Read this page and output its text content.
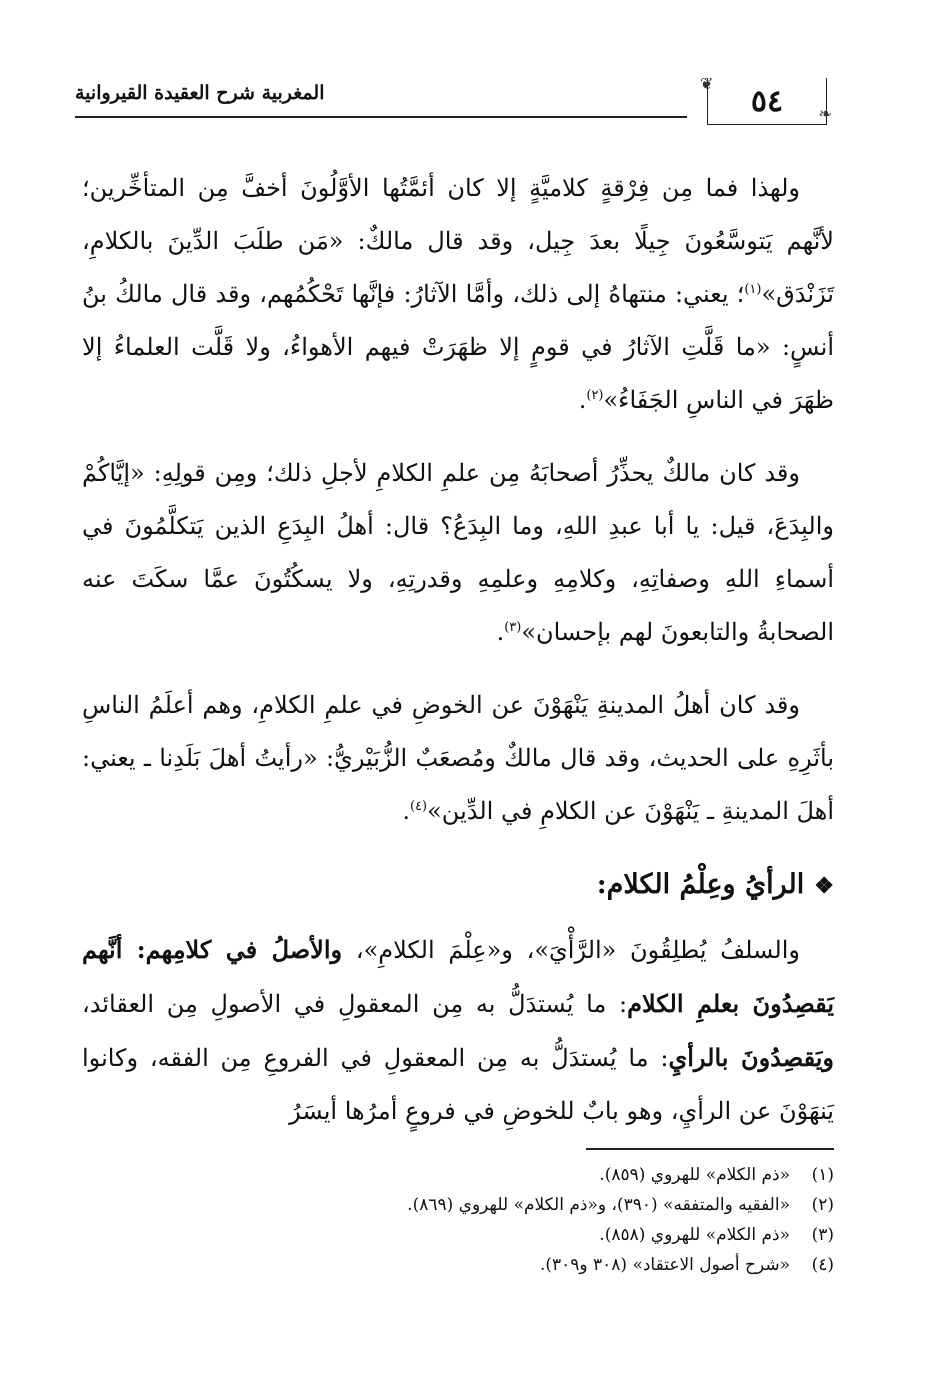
المغربية شرح العقيدة القيروانية	❦
❧
٥٤

ولهذا فما مِن فِرْقةٍ كلاميَّةٍ إلا كان أئمَّتُها الأوَّلُونَ أخفَّ مِن المتأخِّرين؛ لأنَّهم يَتوسَّعُونَ جِيلًا بعدَ جِيل، وقد قال مالكٌ: «مَن طلَبَ الدِّينَ بالكلامِ، تَزَنْدَق»$^{(١)}$؛ يعني: منتهاهُ إلى ذلك، وأمَّا الآثارُ: فإنَّها تَحْكُمُهم، وقد قال مالكُ بنُ أنسٍ: «ما قَلَّتِ الآثارُ في قومٍ إلا ظهَرَتْ فيهم الأهواءُ، ولا قَلَّت العلماءُ إلا ظهَرَ في الناسِ الجَفَاءُ»$^{(٢)}$.

وقد كان مالكٌ يحذِّرُ أصحابَهُ مِن علمِ الكلامِ لأجلِ ذلك؛ ومِن قولِهِ: «إيَّاكُمْ والبِدَعَ، قيل: يا أبا عبدِ اللهِ، وما البِدَعُ؟ قال: أهلُ البِدَعِ الذين يَتكلَّمُونَ في أسماءِ اللهِ وصفاتِهِ، وكلامِهِ وعلمِهِ وقدرتِهِ، ولا يسكُتُونَ عمَّا سكَتَ عنه الصحابةُ والتابعونَ لهم بإحسان»$^{(٣)}$.

وقد كان أهلُ المدينةِ يَنْهَوْنَ عن الخوضِ في علمِ الكلامِ، وهم أعلَمُ الناسِ بأثَرِهِ على الحديث، وقد قال مالكٌ ومُصعَبٌ الزُّبَيْريُّ: «رأيتُ أهلَ بَلَدِنا ـ يعني: أهلَ المدينةِ ـ يَنْهَوْنَ عن الكلامِ في الدِّين»$^{(٤)}$.

❖الرأيُ وعِلْمُ الكلام:

والسلفُ يُطلِقُونَ «الرَّأْيَ»، و«عِلْمَ الكلامِ»، والأصلُ في كلامِهم: أنَّهم يَقصِدُونَ بعلمِ الكلام: ما يُستدَلُّ به مِن المعقولِ في الأصولِ مِن العقائد، ويَقصِدُونَ بالرأيِ: ما يُستدَلُّ به مِن المعقولِ في الفروعِ مِن الفقه، وكانوا يَنهَوْنَ عن الرأيِ، وهو بابٌ للخوضِ في فروعٍ أمرُها أيسَرُ

(١)«ذم الكلام» للهروي (٨٥٩).
(٢)«الفقيه والمتفقه» (٣٩٠)، و«ذم الكلام» للهروي (٨٦٩).
(٣)«ذم الكلام» للهروي (٨٥٨).
(٤)«شرح أصول الاعتقاد» (٣٠٨ و٣٠٩).
